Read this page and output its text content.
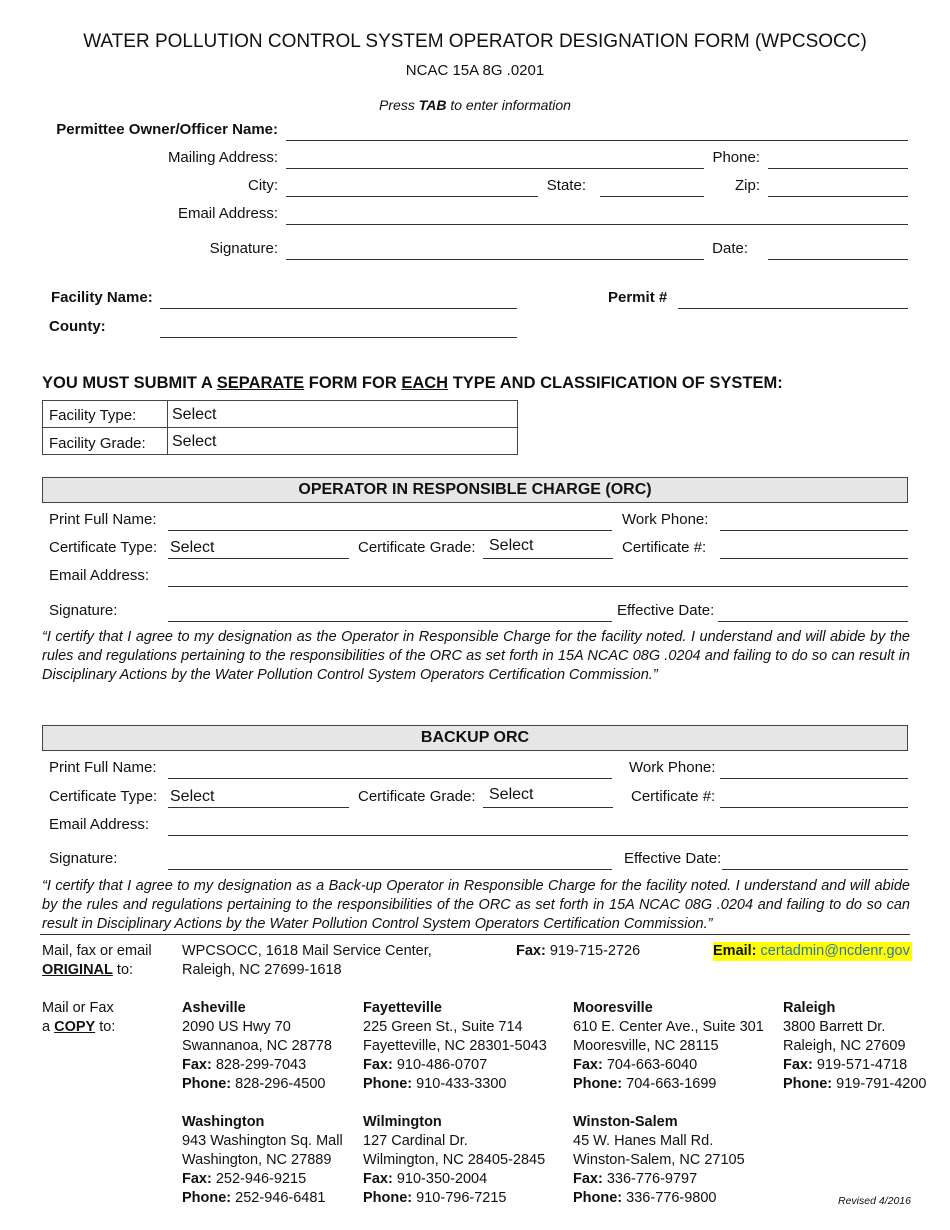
WATER POLLUTION CONTROL SYSTEM OPERATOR DESIGNATION FORM (WPCSOCC)
NCAC 15A 8G .0201
Press TAB to enter information
Permittee Owner/Officer Name:
Mailing Address:	Phone:
City:	State:	Zip:
Email Address:
Signature:	Date:
Facility Name:	Permit #
County:
YOU MUST SUBMIT A SEPARATE FORM FOR EACH TYPE AND CLASSIFICATION OF SYSTEM:
Facility Type: Select
Facility Grade: Select
OPERATOR IN RESPONSIBLE CHARGE (ORC)
Print Full Name:	Work Phone:
Certificate Type: Select	Certificate Grade: Select	Certificate #:
Email Address:
Signature:	Effective Date:
“I certify that I agree to my designation as the Operator in Responsible Charge for the facility noted. I understand and will abide by the rules and regulations pertaining to the responsibilities of the ORC as set forth in 15A NCAC 08G .0204 and failing to do so can result in Disciplinary Actions by the Water Pollution Control System Operators Certification Commission.”
BACKUP ORC
Print Full Name:	Work Phone:
Certificate Type: Select	Certificate Grade: Select	Certificate #:
Email Address:
Signature:	Effective Date:
“I certify that I agree to my designation as a Back-up Operator in Responsible Charge for the facility noted. I understand and will abide by the rules and regulations pertaining to the responsibilities of the ORC as set forth in 15A NCAC 08G .0204 and failing to do so can result in Disciplinary Actions by the Water Pollution Control System Operators Certification Commission.”
Mail, fax or email
ORIGINAL to:
WPCSOCC, 1618 Mail Service Center,
Raleigh, NC 27699-1618
Fax: 919-715-2726	Email: certadmin@ncdenr.gov
Mail or Fax
a COPY to:
Asheville
2090 US Hwy 70
Swannanoa, NC 28778
Fax: 828-299-7043
Phone: 828-296-4500
Fayetteville
225 Green St., Suite 714
Fayetteville, NC 28301-5043
Fax: 910-486-0707
Phone: 910-433-3300
Mooresville
610 E. Center Ave., Suite 301
Mooresville, NC 28115
Fax: 704-663-6040
Phone: 704-663-1699
Raleigh
3800 Barrett Dr.
Raleigh, NC 27609
Fax: 919-571-4718
Phone: 919-791-4200
Washington
943 Washington Sq. Mall
Washington, NC 27889
Fax: 252-946-9215
Phone: 252-946-6481
Wilmington
127 Cardinal Dr.
Wilmington, NC 28405-2845
Fax: 910-350-2004
Phone: 910-796-7215
Winston-Salem
45 W. Hanes Mall Rd.
Winston-Salem, NC 27105
Fax: 336-776-9797
Phone: 336-776-9800	Revised 4/2016
